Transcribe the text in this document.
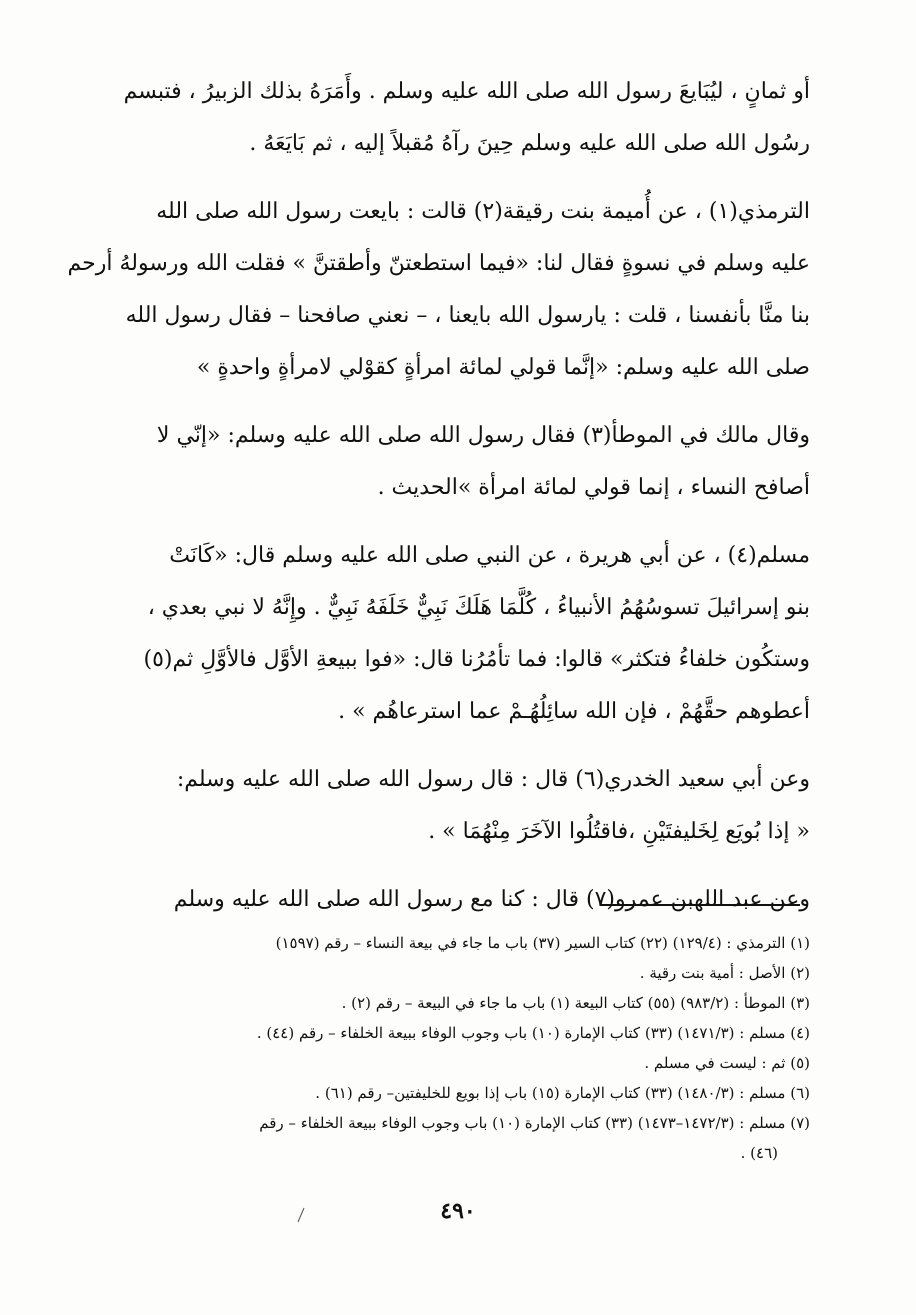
أو ثمانٍ ، ليُبَايعَ رسول الله صلى الله عليه وسلم . وأَمَرَهُ بذلك الزبيرُ ، فتبسم
رسُول الله صلى الله عليه وسلم حِينَ رآهُ مُقبلاً إليه ، ثم بَايَعَهُ .

الترمذي(١) ، عن أُميمة بنت رقيقة(٢) قالت : بايعت رسول الله صلى الله
عليه وسلم في نسوةٍ فقال لنا: «فيما استطعتنّ وأطقتنَّ » فقلت الله ورسولهُ أرحم
بنا منَّا بأنفسنا ، قلت : يارسول الله بايعنا ، – نعني صافحنا – فقال رسول الله
صلى الله عليه وسلم: «إنَّما قولي لمائة امرأةٍ كقوْلي لامرأةٍ واحدةٍ »

وقال مالك في الموطأ(٣) فقال رسول الله صلى الله عليه وسلم: «إنّي لا
أصافح النساء ، إنما قولي لمائة امرأة »الحديث .

مسلم(٤) ، عن أبي هريرة ، عن النبي صلى الله عليه وسلم قال: «كَانَتْ
بنو إسرائيلَ تسوسُهُمُ الأنبياءُ ، كُلَّمَا هَلَكَ نَبِيٌّ خَلَفَهُ نَبِيٌّ . وإِنَّهُ لا نبي بعدي ،
وستكُون خلفاءُ فتكثر» قالوا: فما تأمُرُنا قال: «فوا ببيعةِ الأوَّل فالأوَّلِ ثم(٥)
أعطوهم حقَّهُمْ ، فإن الله سائِلُهُـمْ عما استرعاهُم » .

وعن أبي سعيد الخدري(٦) قال : قال رسول الله صلى الله عليه وسلم:
« إذا بُويَع لِخَليفتَيْنِ ،فاقتُلُوا الآخَرَ مِنْهُمَا » .

وعن عبد اللهبن عمرو(٧) قال : كنا مع رسول الله صلى الله عليه وسلم

(١) الترمذي : (١٢٩/٤) (٢٢) كتاب السير (٣٧) باب ما جاء في بيعة النساء – رقم (١٥٩٧)
(٢) الأصل : أمية بنت رقية .
(٣) الموطأ : (٩٨٣/٢) (٥٥) كتاب البيعة (١) باب ما جاء في البيعة – رقم (٢) .
(٤) مسلم : (١٤٧١/٣) (٣٣) كتاب الإمارة (١٠) باب وجوب الوفاء ببيعة الخلفاء – رقم (٤٤) .
(٥) ثم : ليست في مسلم .
(٦) مسلم : (١٤٨٠/٣) (٣٣) كتاب الإمارة (١٥) باب إذا بويع للخليفتين– رقم (٦١) .
(٧) مسلم : (١٤٧٢/٣–١٤٧٣) (٣٣) كتاب الإمارة (١٠) باب وجوب الوفاء ببيعة الخلفاء – رقم
(٤٦) .
٤٩٠
